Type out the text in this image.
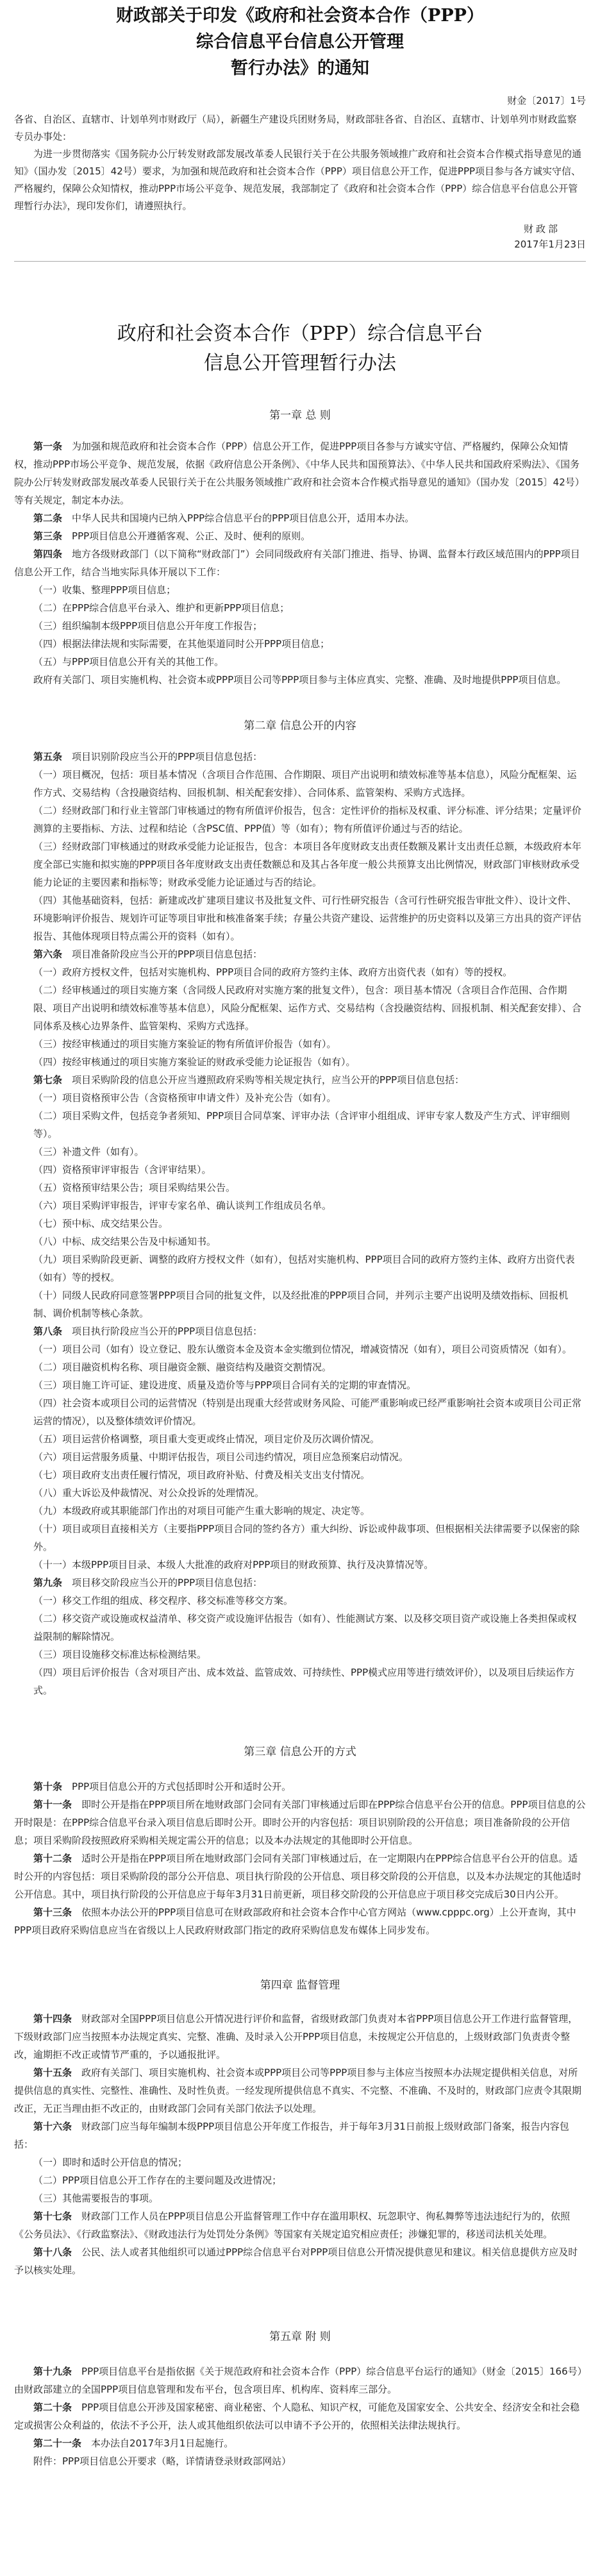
财政部关于印发《政府和社会资本合作（PPP）
综合信息平台信息公开管理
暂行办法》的通知
财金〔2017〕1号
各省、自治区、直辖市、计划单列市财政厅（局），新疆生产建设兵团财务局，财政部驻各省、自治区、直辖市、计划单列市财政监察专员办事处：

为进一步贯彻落实《国务院办公厅转发财政部发展改革委人民银行关于在公共服务领域推广政府和社会资本合作模式指导意见的通知》（国办发〔2015〕42号）要求，为加强和规范政府和社会资本合作（PPP）项目信息公开工作，促进PPP项目参与各方诚实守信、严格履约，保障公众知情权，推动PPP市场公平竞争、规范发展，我部制定了《政府和社会资本合作（PPP）综合信息平台信息公开管理暂行办法》，现印发你们，请遵照执行。

财政部
2017年1月23日
政府和社会资本合作（PPP）综合信息平台
信息公开管理暂行办法
第一章 总 则

第一条　 为加强和规范政府和社会资本合作（PPP）信息公开工作，促进PPP项目各参与方诚实守信、严格履约，保障公众知情权，推动PPP市场公平竞争、规范发展，依据《政府信息公开条例》、《中华人民共和国预算法》、《中华人民共和国政府采购法》、《国务院办公厅转发财政部发展改革委人民银行关于在公共服务领域推广政府和社会资本合作模式指导意见的通知》（国办发〔2015〕42号）等有关规定，制定本办法。

第二条　 中华人民共和国境内已纳入PPP综合信息平台的PPP项目信息公开，适用本办法。

第三条　 PPP项目信息公开遵循客观、公正、及时、便利的原则。

第四条　 地方各级财政部门（以下简称“财政部门”）会同同级政府有关部门推进、指导、协调、监督本行政区域范围内的PPP项目信息公开工作，结合当地实际具体开展以下工作：

（一）收集、整理PPP项目信息；

（二）在PPP综合信息平台录入、维护和更新PPP项目信息；

（三）组织编制本级PPP项目信息公开年度工作报告；

（四）根据法律法规和实际需要，在其他渠道同时公开PPP项目信息；

（五）与PPP项目信息公开有关的其他工作。

政府有关部门、项目实施机构、社会资本或PPP项目公司等PPP项目参与主体应真实、完整、准确、及时地提供PPP项目信息。

第二章 信息公开的内容

第五条　 项目识别阶段应当公开的PPP项目信息包括：

（一）项目概况，包括：项目基本情况（含项目合作范围、合作期限、项目产出说明和绩效标准等基本信息），风险分配框架、运作方式、交易结构（含投融资结构、回报机制、相关配套安排）、合同体系、监管架构、采购方式选择。

（二）经财政部门和行业主管部门审核通过的物有所值评价报告，包含：定性评价的指标及权重、评分标准、评分结果；定量评价测算的主要指标、方法、过程和结论（含PSC值、PPP值）等（如有）；物有所值评价通过与否的结论。

（三）经财政部门审核通过的财政承受能力论证报告，包含：本项目各年度财政支出责任数额及累计支出责任总额，本级政府本年度全部已实施和拟实施的PPP项目各年度财政支出责任数额总和及其占各年度一般公共预算支出比例情况，财政部门审核财政承受能力论证的主要因素和指标等；财政承受能力论证通过与否的结论。

（四）其他基础资料，包括：新建或改扩建项目建议书及批复文件、可行性研究报告（含可行性研究报告审批文件）、设计文件、环境影响评价报告、规划许可证等项目审批和核准备案手续；存量公共资产建设、运营维护的历史资料以及第三方出具的资产评估报告、其他体现项目特点需公开的资料（如有）。

第六条　 项目准备阶段应当公开的PPP项目信息包括：

（一）政府方授权文件，包括对实施机构、PPP项目合同的政府方签约主体、政府方出资代表（如有）等的授权。

（二）经审核通过的项目实施方案（含同级人民政府对实施方案的批复文件），包含：项目基本情况（含项目合作范围、合作期限、项目产出说明和绩效标准等基本信息），风险分配框架、运作方式、交易结构（含投融资结构、回报机制、相关配套安排）、合同体系及核心边界条件、监管架构、采购方式选择。

（三）按经审核通过的项目实施方案验证的物有所值评价报告（如有）。

（四）按经审核通过的项目实施方案验证的财政承受能力论证报告（如有）。

第七条　 项目采购阶段的信息公开应当遵照政府采购等相关规定执行，应当公开的PPP项目信息包括：

（一）项目资格预审公告（含资格预审申请文件）及补充公告（如有）。

（二）项目采购文件，包括竞争者须知、PPP项目合同草案、评审办法（含评审小组组成、评审专家人数及产生方式、评审细则等）。

（三）补遗文件（如有）。

（四）资格预审评审报告（含评审结果）。

（五）资格预审结果公告；项目采购结果公告。

（六）项目采购评审报告，评审专家名单、确认谈判工作组成员名单。

（七）预中标、成交结果公告。

（八）中标、成交结果公告及中标通知书。

（九）项目采购阶段更新、调整的政府方授权文件（如有），包括对实施机构、PPP项目合同的政府方签约主体、政府方出资代表（如有）等的授权。

（十）同级人民政府同意签署PPP项目合同的批复文件，以及经批准的PPP项目合同，并列示主要产出说明及绩效指标、回报机制、调价机制等核心条款。

第八条　 项目执行阶段应当公开的PPP项目信息包括：

（一）项目公司（如有）设立登记、股东认缴资本金及资本金实缴到位情况，增减资情况（如有），项目公司资质情况（如有）。

（二）项目融资机构名称、项目融资金额、融资结构及融资交割情况。

（三）项目施工许可证、建设进度、质量及造价等与PPP项目合同有关的定期的审查情况。

（四）社会资本或项目公司的运营情况（特别是出现重大经营或财务风险、可能严重影响或已经严重影响社会资本或项目公司正常运营的情况），以及整体绩效评价情况。

（五）项目运营价格调整，项目重大变更或终止情况，项目定价及历次调价情况。

（六）项目运营服务质量、中期评估报告，项目公司违约情况，项目应急预案启动情况。

（七）项目政府支出责任履行情况，项目政府补贴、付费及相关支出支付情况。

（八）重大诉讼及仲裁情况、对公众投诉的处理情况。

（九）本级政府或其职能部门作出的对项目可能产生重大影响的规定、决定等。

（十）项目或项目直接相关方（主要指PPP项目合同的签约各方）重大纠纷、诉讼或仲裁事项、但根据相关法律需要予以保密的除外。

（十一）本级PPP项目目录、本级人大批准的政府对PPP项目的财政预算、执行及决算情况等。

第九条　 项目移交阶段应当公开的PPP项目信息包括：

（一）移交工作组的组成、移交程序、移交标准等移交方案。

（二）移交资产或设施或权益清单、移交资产或设施评估报告（如有）、性能测试方案、以及移交项目资产或设施上各类担保或权益限制的解除情况。

（三）项目设施移交标准达标检测结果。

（四）项目后评价报告（含对项目产出、成本效益、监管成效、可持续性、PPP模式应用等进行绩效评价），以及项目后续运作方式。

第三章 信息公开的方式

第十条　 PPP项目信息公开的方式包括即时公开和适时公开。

第十一条　 即时公开是指在PPP项目所在地财政部门会同有关部门审核通过后即在PPP综合信息平台公开的信息。PPP项目信息的公开时限是：在PPP综合信息平台录入项目信息后即时公开。即时公开的内容包括：项目识别阶段的公开信息；项目准备阶段的公开信息；项目采购阶段按照政府采购相关规定需公开的信息；以及本办法规定的其他即时公开信息。

第十二条　 适时公开是指在PPP项目所在地财政部门会同有关部门审核通过后，在一定期限内在PPP综合信息平台公开的信息。适时公开的内容包括：项目采购阶段的部分公开信息、项目执行阶段的公开信息、项目移交阶段的公开信息，以及本办法规定的其他适时公开信息。其中，项目执行阶段的公开信息应于每年3月31日前更新，项目移交阶段的公开信息应于项目移交完成后30日内公开。

第十三条　 依照本办法公开的PPP项目信息可在财政部政府和社会资本合作中心官方网站（www.cpppc.org）上公开查询，其中PPP项目政府采购信息应当在省级以上人民政府财政部门指定的政府采购信息发布媒体上同步发布。

第四章 监督管理

第十四条　 财政部对全国PPP项目信息公开情况进行评价和监督，省级财政部门负责对本省PPP项目信息公开工作进行监督管理，下级财政部门应当按照本办法规定真实、完整、准确、及时录入公开PPP项目信息，未按规定公开信息的，上级财政部门负责责令整改，逾期拒不改正或情节严重的，予以通报批评。

第十五条　 政府有关部门、项目实施机构、社会资本或PPP项目公司等PPP项目参与主体应当按照本办法规定提供相关信息，对所提供信息的真实性、完整性、准确性、及时性负责。一经发现所提供信息不真实、不完整、不准确、不及时的，财政部门应责令其限期改正，无正当理由拒不改正的，由财政部门会同有关部门依法予以处理。

第十六条　 财政部门应当每年编制本级PPP项目信息公开年度工作报告，并于每年3月31日前报上级财政部门备案，报告内容包括：

（一）即时和适时公开信息的情况；

（二）PPP项目信息公开工作存在的主要问题及改进情况；

（三）其他需要报告的事项。

第十七条　 财政部门工作人员在PPP项目信息公开监督管理工作中存在滥用职权、玩忽职守、徇私舞弊等违法违纪行为的，依照《公务员法》、《行政监察法》、《财政违法行为处罚处分条例》等国家有关规定追究相应责任；涉嫌犯罪的，移送司法机关处理。

第十八条　 公民、法人或者其他组织可以通过PPP综合信息平台对PPP项目信息公开情况提供意见和建议。相关信息提供方应及时予以核实处理。

第五章 附 则

第十九条　 PPP项目信息平台是指依据《关于规范政府和社会资本合作（PPP）综合信息平台运行的通知》（财金〔2015〕166号）由财政部建立的全国PPP项目信息管理和发布平台，包含项目库、机构库、资料库三部分。

第二十条　 PPP项目信息公开涉及国家秘密、商业秘密、个人隐私、知识产权，可能危及国家安全、公共安全、经济安全和社会稳定或损害公众利益的，依法不予公开，法人或其他组织依法可以申请不予公开的，依照相关法律法规执行。

第二十一条　 本办法自2017年3月1日起施行。

附件：PPP项目信息公开要求（略，详情请登录财政部网站）
